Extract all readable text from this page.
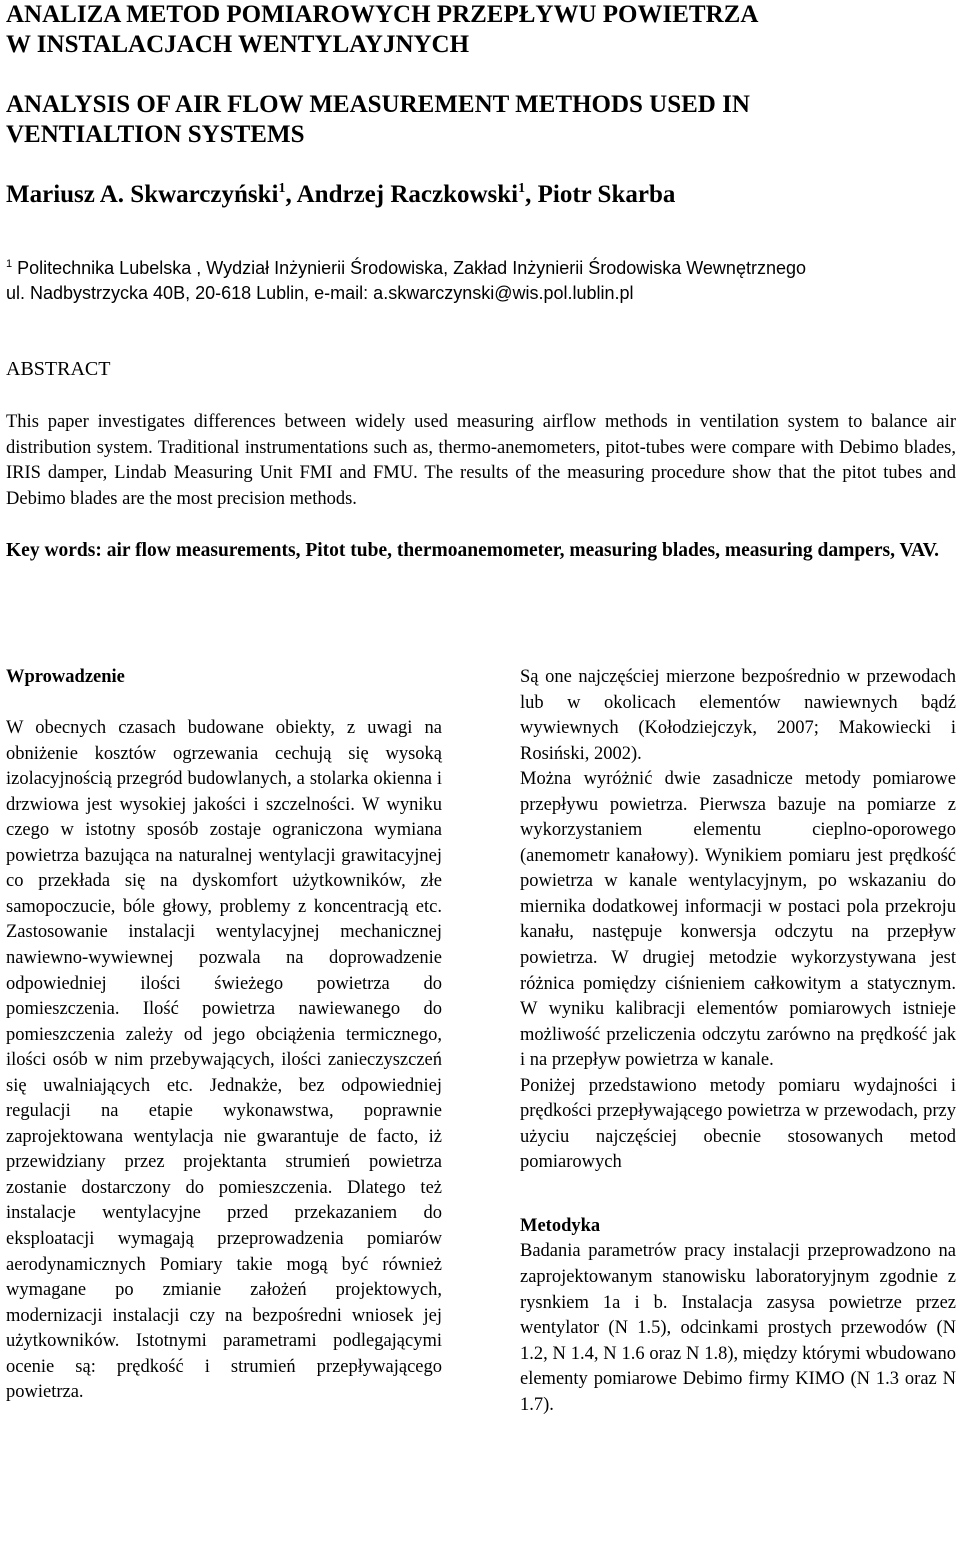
ANALIZA METOD POMIAROWYCH PRZEPŁYWU POWIETRZA
W INSTALACJACH WENTYLAYJNYCH
ANALYSIS OF AIR FLOW MEASUREMENT METHODS USED IN
VENTIALTION SYSTEMS

Mariusz A. Skwarczyński$^1$, Andrzej Raczkowski$^1$, Piotr Skarba

$^1$ Politechnika Lubelska , Wydział Inżynierii Środowiska, Zakład Inżynierii Środowiska Wewnętrznego
ul. Nadbystrzycka 40B, 20-618 Lublin, e-mail: a.skwarczynski@wis.pol.lublin.pl

ABSTRACT

This paper investigates differences between widely used measuring airflow methods in ventilation system to balance air distribution system. Traditional instrumentations such as, thermo-anemometers, pitot-tubes were compare with Debimo blades, IRIS damper, Lindab Measuring Unit FMI and FMU. The results of the measuring procedure show that the pitot tubes and Debimo blades are the most precision methods.

Key words: air flow measurements, Pitot tube, thermoanemometer, measuring blades, measuring dampers, VAV.

Wprowadzenie

W obecnych czasach budowane obiekty, z uwagi na obniżenie kosztów ogrzewania cechują się wysoką izolacyjnością przegród budowlanych, a stolarka okienna i drzwiowa jest wysokiej jakości i szczelności. W wyniku czego w istotny sposób zostaje ograniczona wymiana powietrza bazująca na naturalnej wentylacji grawitacyjnej co przekłada się na dyskomfort użytkowników, złe samopoczucie, bóle głowy, problemy z koncentracją etc. Zastosowanie instalacji wentylacyjnej mechanicznej nawiewno-wywiewnej pozwala na doprowadzenie odpowiedniej ilości świeżego powietrza do pomieszczenia. Ilość powietrza nawiewanego do pomieszczenia zależy od jego obciążenia termicznego, ilości osób w nim przebywających, ilości zanieczyszczeń się uwalniających etc. Jednakże, bez odpowiedniej regulacji na etapie wykonawstwa, poprawnie zaprojektowana wentylacja nie gwarantuje de facto, iż przewidziany przez projektanta strumień powietrza zostanie dostarczony do pomieszczenia. Dlatego też instalacje wentylacyjne przed przekazaniem do eksploatacji wymagają przeprowadzenia pomiarów aerodynamicznych Pomiary takie mogą być również wymagane po zmianie założeń projektowych, modernizacji instalacji czy na bezpośredni wniosek jej użytkowników. Istotnymi parametrami podlegającymi ocenie są: prędkość i strumień przepływającego powietrza.

Są one najczęściej mierzone bezpośrednio w przewodach lub w okolicach elementów nawiewnych bądź wywiewnych (Kołodziejczyk, 2007; Makowiecki i Rosiński, 2002).

Można wyróżnić dwie zasadnicze metody pomiarowe przepływu powietrza. Pierwsza bazuje na pomiarze z wykorzystaniem elementu cieplno-oporowego (anemometr kanałowy). Wynikiem pomiaru jest prędkość powietrza w kanale wentylacyjnym, po wskazaniu do miernika dodatkowej informacji w postaci pola przekroju kanału, następuje konwersja odczytu na przepływ powietrza. W drugiej metodzie wykorzystywana jest różnica pomiędzy ciśnieniem całkowitym a statycznym. W wyniku kalibracji elementów pomiarowych istnieje możliwość przeliczenia odczytu zarówno na prędkość jak i na przepływ powietrza w kanale.

Poniżej przedstawiono metody pomiaru wydajności i prędkości przepływającego powietrza w przewodach, przy użyciu najczęściej obecnie stosowanych metod pomiarowych

Metodyka

Badania parametrów pracy instalacji przeprowadzono na zaprojektowanym stanowisku laboratoryjnym zgodnie z rysnkiem 1a i b. Instalacja zasysa powietrze przez wentylator (N 1.5), odcinkami prostych przewodów (N 1.2, N 1.4, N 1.6 oraz N 1.8), między którymi wbudowano elementy pomiarowe Debimo firmy KIMO (N 1.3 oraz N 1.7).
